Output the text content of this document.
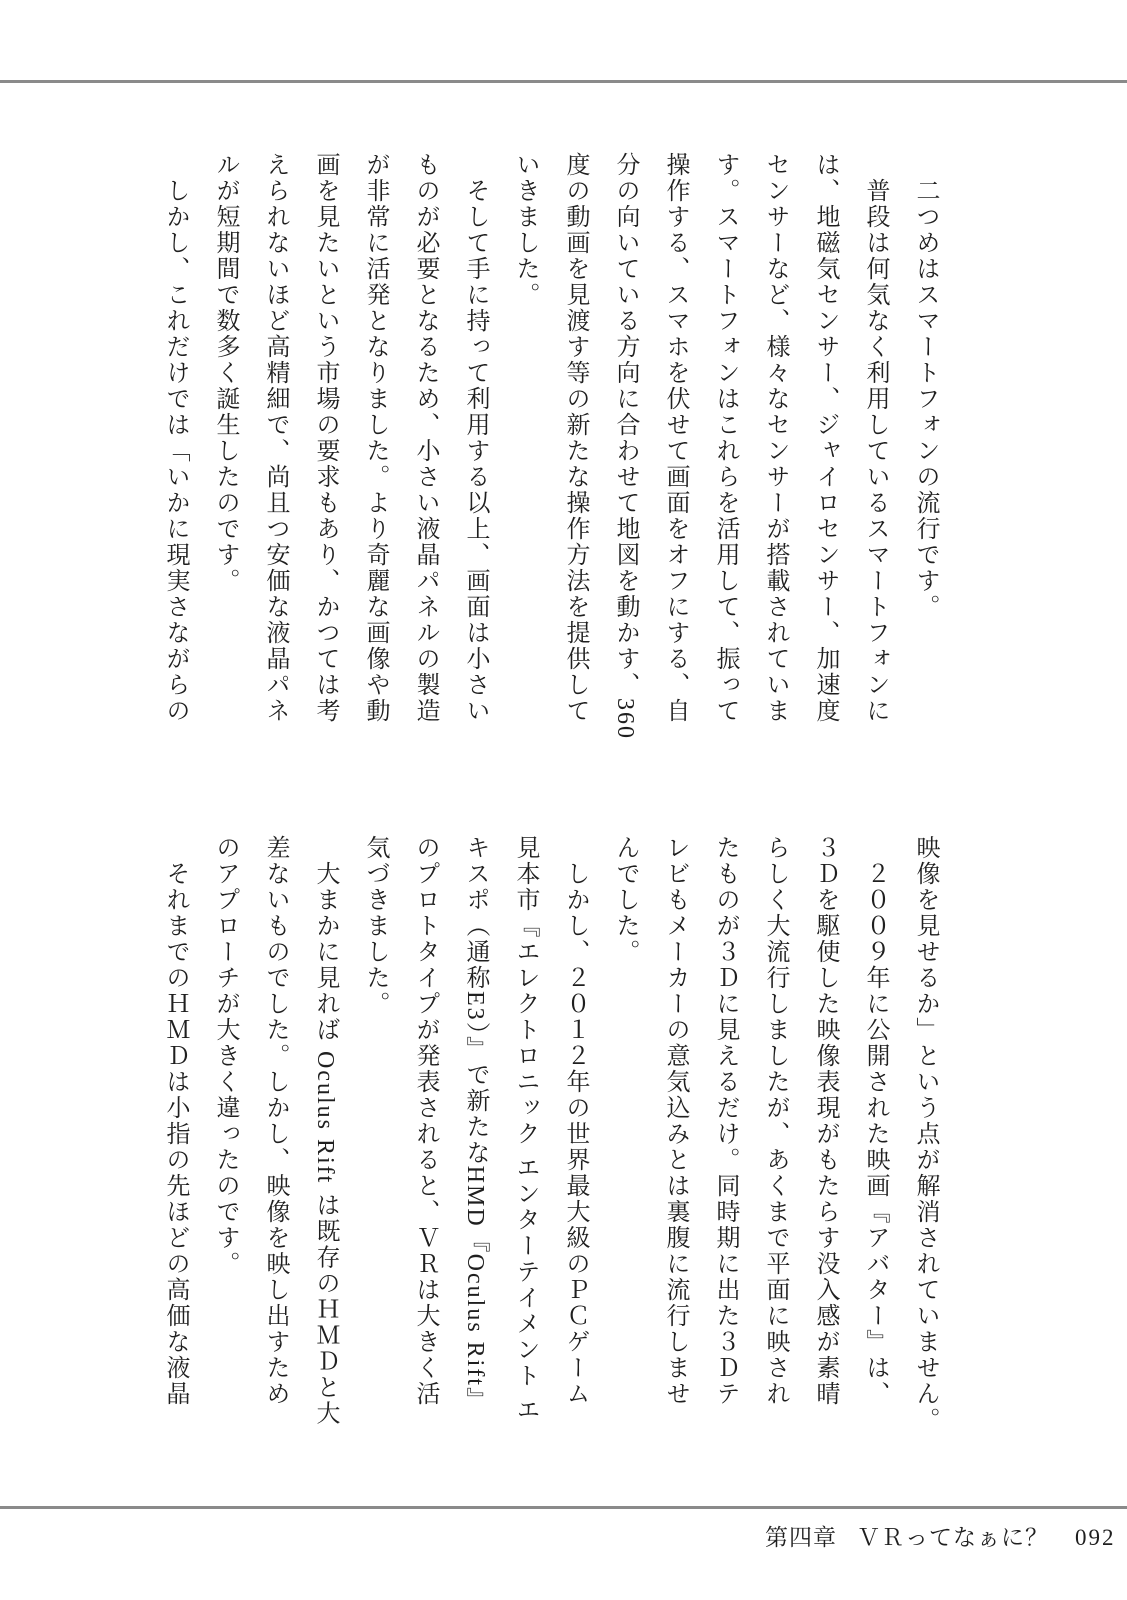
　二つめはスマートフォンの流行です。
　普段は何気なく利用しているスマートフォンに
は、地磁気センサー、ジャイロセンサー、加速度
センサーなど、様々なセンサーが搭載されていま
す。スマートフォンはこれらを活用して、振って
操作する、スマホを伏せて画面をオフにする、自
分の向いている方向に合わせて地図を動かす、360
度の動画を見渡す等の新たな操作方法を提供して
いきました。
　そして手に持って利用する以上、画面は小さい
ものが必要となるため、小さい液晶パネルの製造
が非常に活発となりました。より奇麗な画像や動
画を見たいという市場の要求もあり、かつては考
えられないほど高精細で、尚且つ安価な液晶パネ
ルが短期間で数多く誕生したのです。
　しかし、これだけでは「いかに現実さながらの
映像を見せるか」という点が解消されていません。
　２００９年に公開された映画『アバター』は、
３Ｄを駆使した映像表現がもたらす没入感が素晴
らしく大流行しましたが、あくまで平面に映され
たものが３Ｄに見えるだけ。同時期に出た３Ｄテ
レビもメーカーの意気込みとは裏腹に流行しませ
んでした。
　しかし、２０１２年の世界最大級のＰＣゲーム
見本市『エレクトロニック エンターテイメント エ
キスポ（通称E3）』で新たなHMD『Oculus Rift』
のプロトタイプが発表されると、ＶＲは大きく活
気づきました。
　大まかに見れば Oculus Rift は既存のＨＭＤと大
差ないものでした。しかし、映像を映し出すため
のアプローチが大きく違ったのです。
　それまでのＨＭＤは小指の先ほどの高価な液晶
第四章 ＶＲってなぁに？ 092
